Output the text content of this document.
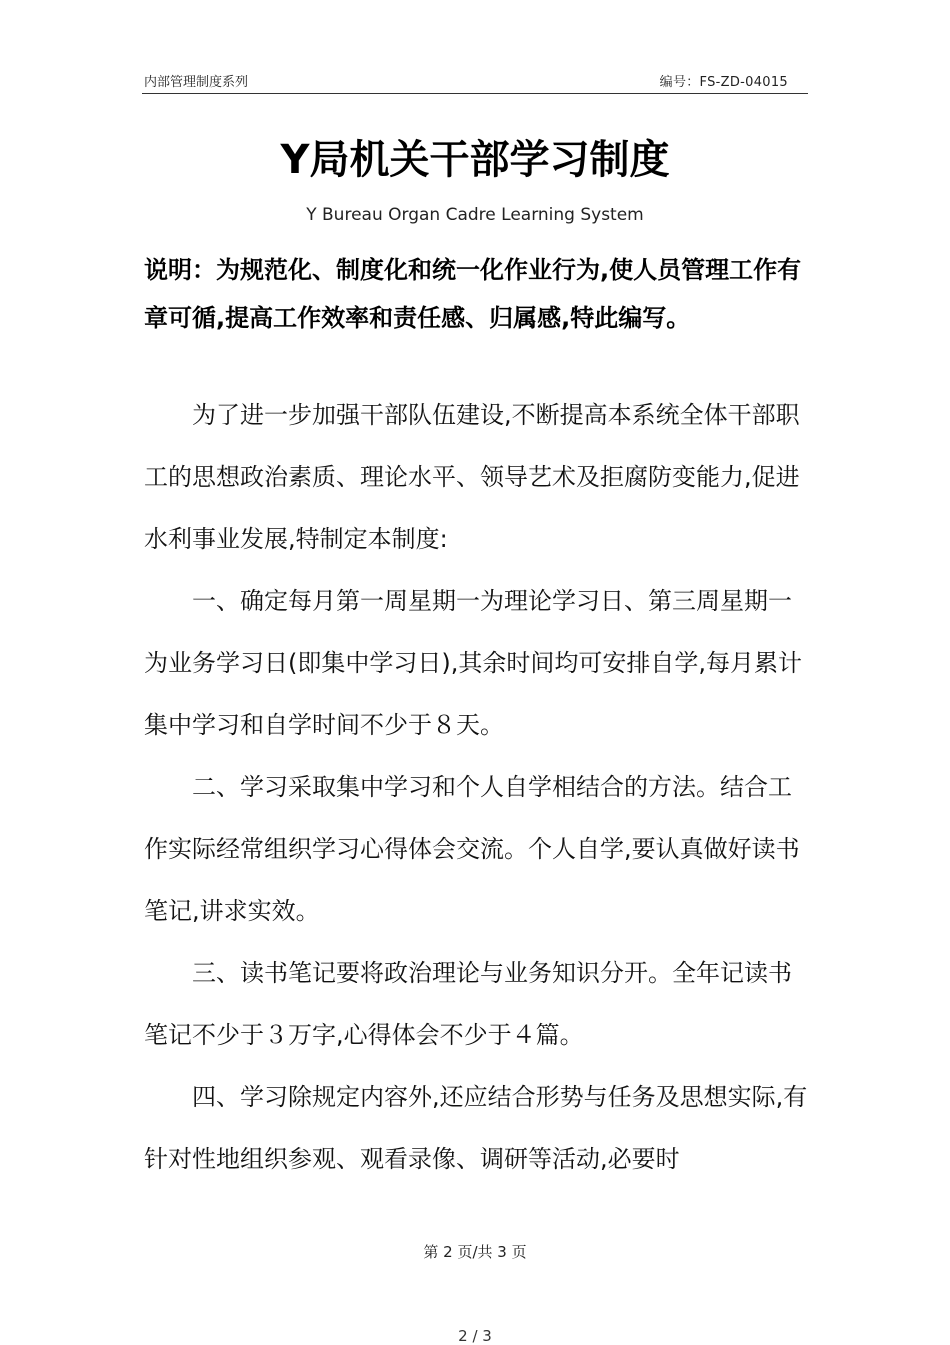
内部管理制度系列	编号：FS-ZD-04015
Y局机关干部学习制度
Y Bureau Organ Cadre Learning System
说明：为规范化、制度化和统一化作业行为,使人员管理工作有章可循,提高工作效率和责任感、归属感,特此编写。

为了进一步加强干部队伍建设,不断提高本系统全体干部职工的思想政治素质、理论水平、领导艺术及拒腐防变能力,促进水利事业发展,特制定本制度:

一、确定每月第一周星期一为理论学习日、第三周星期一为业务学习日(即集中学习日),其余时间均可安排自学,每月累计集中学习和自学时间不少于８天。

二、学习采取集中学习和个人自学相结合的方法。结合工作实际经常组织学习心得体会交流。个人自学,要认真做好读书笔记,讲求实效。

三、读书笔记要将政治理论与业务知识分开。全年记读书笔记不少于３万字,心得体会不少于４篇。

四、学习除规定内容外,还应结合形势与任务及思想实际,有针对性地组织参观、观看录像、调研等活动,必要时

第 2 页/共 3 页
2 / 3
